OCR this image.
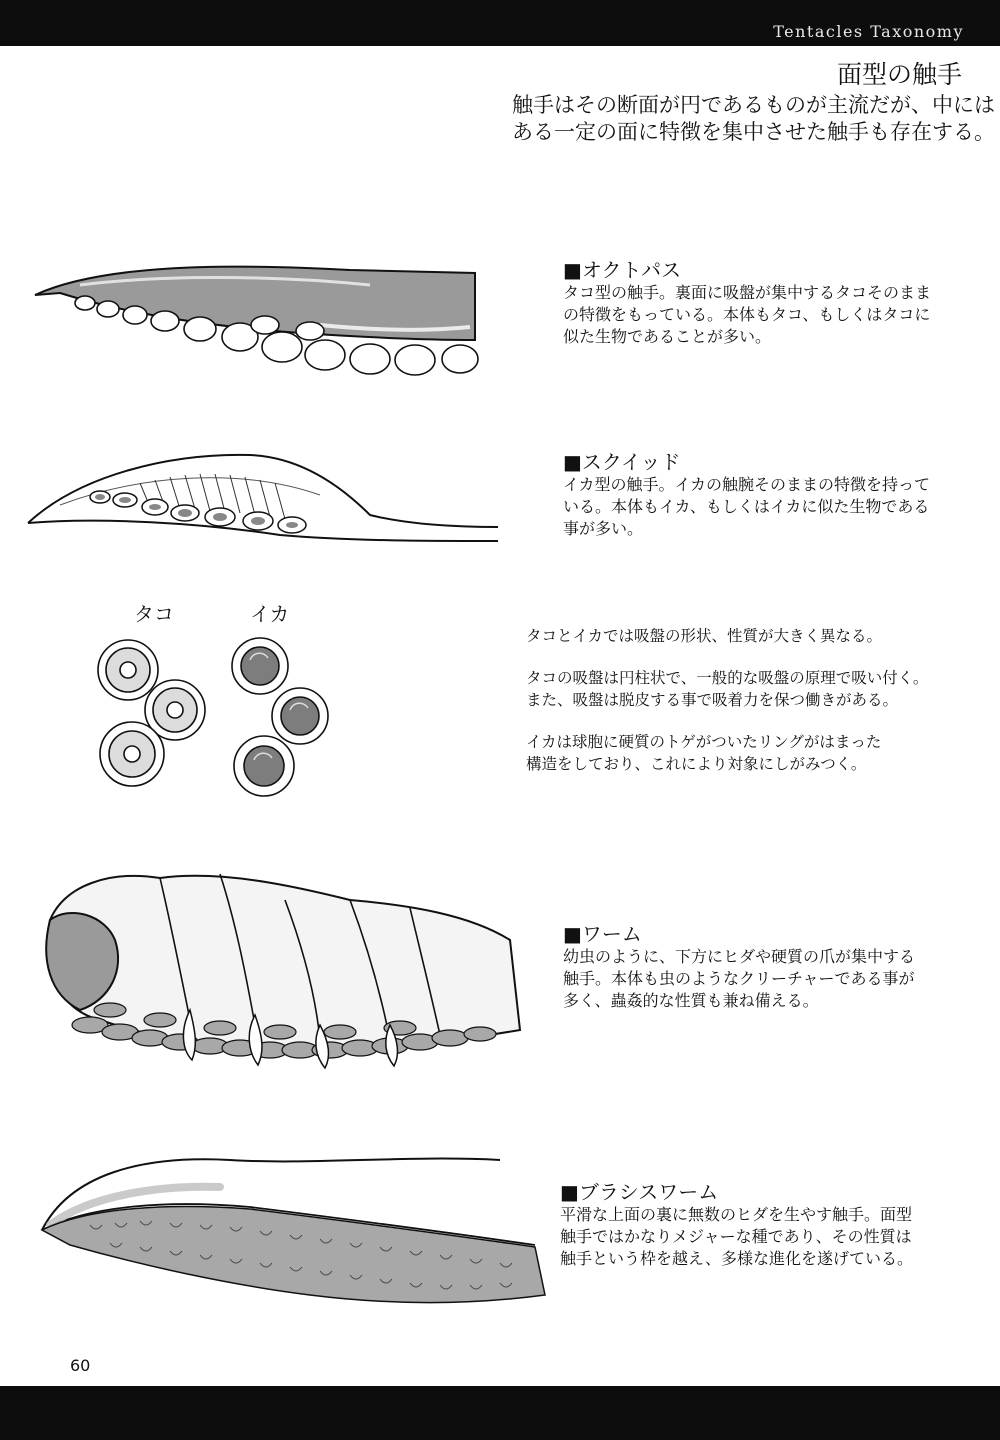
Tentacles Taxonomy
面型の触手
触手はその断面が円であるものが主流だが、中には
ある一定の面に特徴を集中させた触手も存在する。
■オクトパス
タコ型の触手。裏面に吸盤が集中するタコそのまま
の特徴をもっている。本体もタコ、もしくはタコに
似た生物であることが多い。
■スクイッド
イカ型の触手。イカの触腕そのままの特徴を持って
いる。本体もイカ、もしくはイカに似た生物である
事が多い。
タコ	イカ
タコとイカでは吸盤の形状、性質が大きく異なる。
タコの吸盤は円柱状で、一般的な吸盤の原理で吸い付く。
また、吸盤は脱皮する事で吸着力を保つ働きがある。
イカは球胞に硬質のトゲがついたリングがはまった
構造をしており、これにより対象にしがみつく。
■ワーム
幼虫のように、下方にヒダや硬質の爪が集中する
触手。本体も虫のようなクリーチャーである事が
多く、蟲姦的な性質も兼ね備える。
■ブラシスワーム
平滑な上面の裏に無数のヒダを生やす触手。面型
触手ではかなりメジャーな種であり、その性質は
触手という枠を越え、多様な進化を遂げている。
60
